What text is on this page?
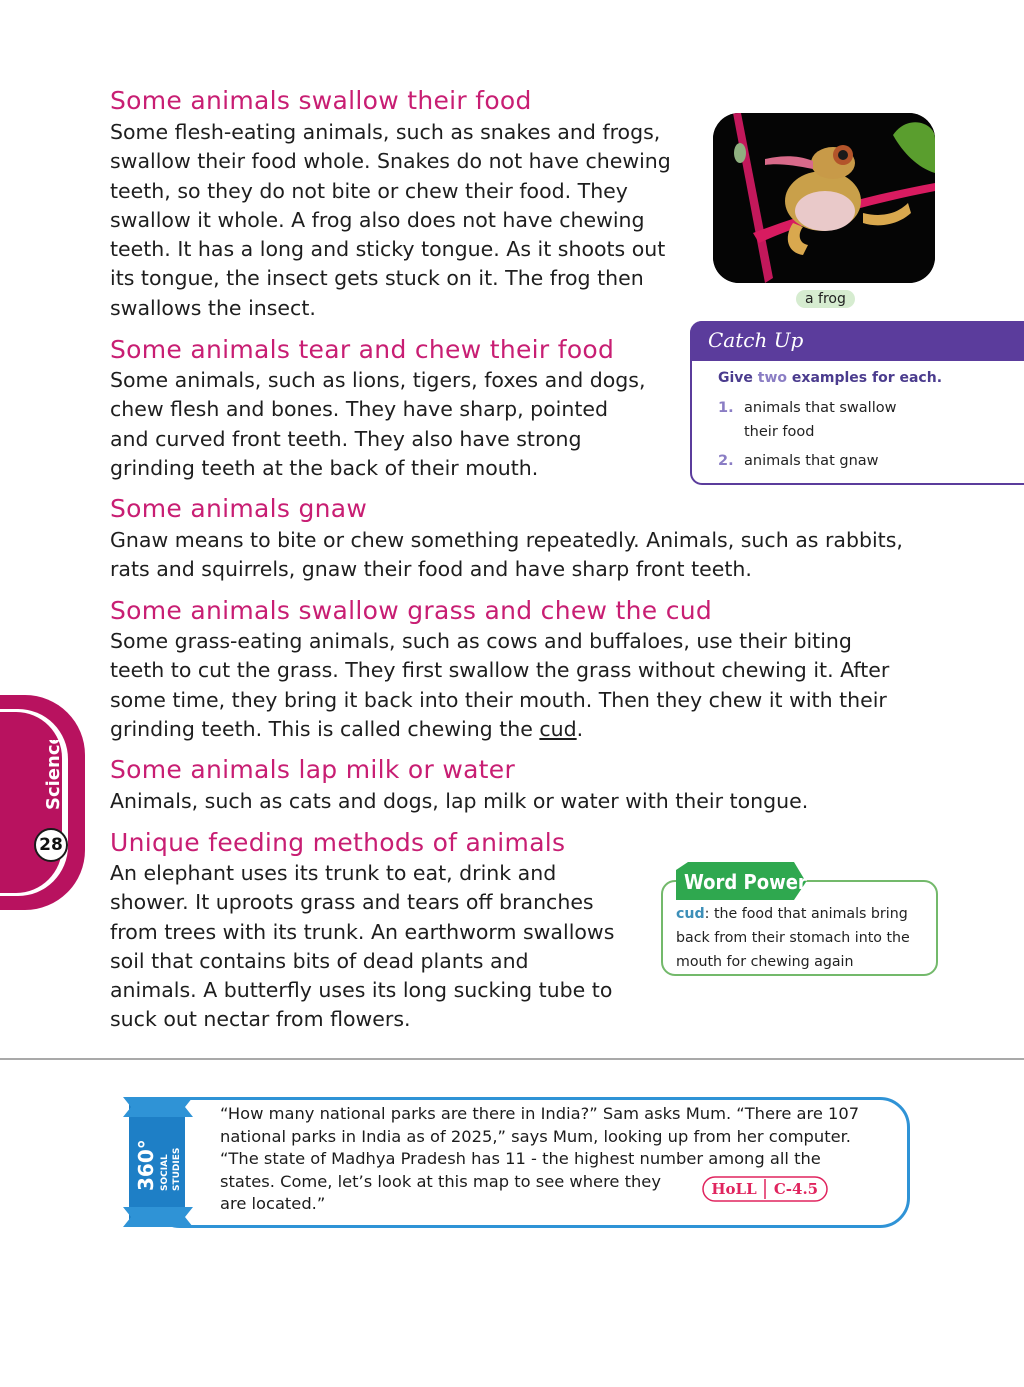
Some animals swallow their food

Some flesh-eating animals, such as snakes and frogs,
swallow their food whole. Snakes do not have chewing
teeth, so they do not bite or chew their food. They
swallow it whole. A frog also does not have chewing
teeth. It has a long and sticky tongue. As it shoots out
its tongue, the insect gets stuck on it. The frog then
swallows the insect.	a frog
Some animals tear and chew their food

Some animals, such as lions, tigers, foxes and dogs,
chew flesh and bones. They have sharp, pointed
and curved front teeth. They also have strong
grinding teeth at the back of their mouth.

Catch Up
Give two examples for each.
1. animals that swallow
their food
2. animals that gnaw
Some animals gnaw

Gnaw means to bite or chew something repeatedly. Animals, such as rabbits,
rats and squirrels, gnaw their food and have sharp front teeth.

Some animals swallow grass and chew the cud

Some grass-eating animals, such as cows and buffaloes, use their biting
teeth to cut the grass. They first swallow the grass without chewing it. After
some time, they bring it back into their mouth. Then they chew it with their
grinding teeth. This is called chewing the cud.

Science
28
Some animals lap milk or water

Animals, such as cats and dogs, lap milk or water with their tongue.

Unique feeding methods of animals

An elephant uses its trunk to eat, drink and
shower. It uproots grass and tears off branches
from trees with its trunk. An earthworm swallows
soil that contains bits of dead plants and
animals. A butterfly uses its long sucking tube to
suck out nectar from flowers.

Word Power
cud: the food that animals bring
back from their stomach into the
mouth for chewing again
360° SOCIAL STUDIES
“How many national parks are there in India?” Sam asks Mum. “There are 107
national parks in India as of 2025,” says Mum, looking up from her computer.
“The state of Madhya Pradesh has 11 - the highest number among all the
states. Come, let’s look at this map to see where they
are located.”
HoLL C-4.5
